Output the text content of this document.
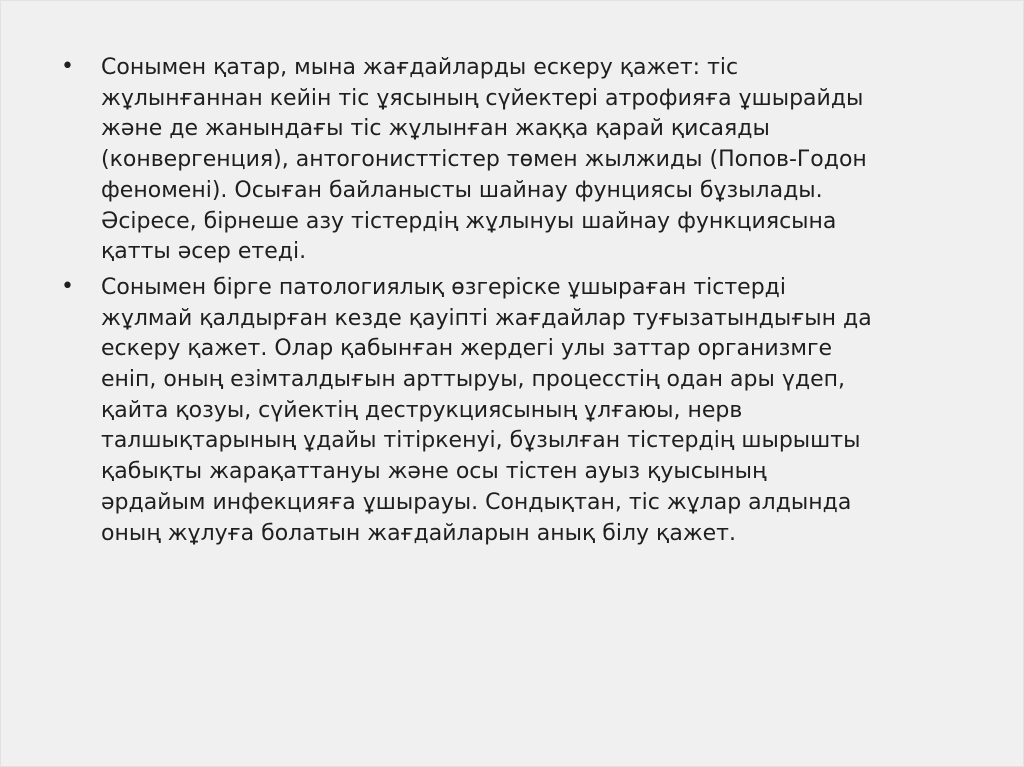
• Сонымен қатар, мына жағдайларды ескеру қажет: тіс
жұлынғаннан кейін тіс ұясының сүйектері атрофияға ұшырайды
және де жанындағы тіс жұлынған жаққа қарай қисаяды
(конвергенция), антогонисттістер төмен жылжиды (Попов-Годон
феномені). Осыған байланысты шайнау фунциясы бұзылады.
Әсіресе, бірнеше азу тістердің жұлынуы шайнау функциясына
қатты әсер етеді.
• Сонымен бірге патологиялық өзгеріске ұшыраған тістерді
жұлмай қалдырған кезде қауіпті жағдайлар туғызатындығын да
ескеру қажет. Олар қабынған жердегі улы заттар организмге
еніп, оның езімталдығын арттыруы, процесстің одан ары үдеп,
қайта қозуы, сүйектің деструкциясының ұлғаюы, нерв
талшықтарының ұдайы тітіркенуі, бұзылған тістердің шырышты
қабықты жарақаттануы және осы тістен ауыз қуысының
әрдайым инфекцияға ұшырауы. Сондықтан, тіс жұлар алдында
оның жұлуға болатын жағдайларын анық білу қажет.
